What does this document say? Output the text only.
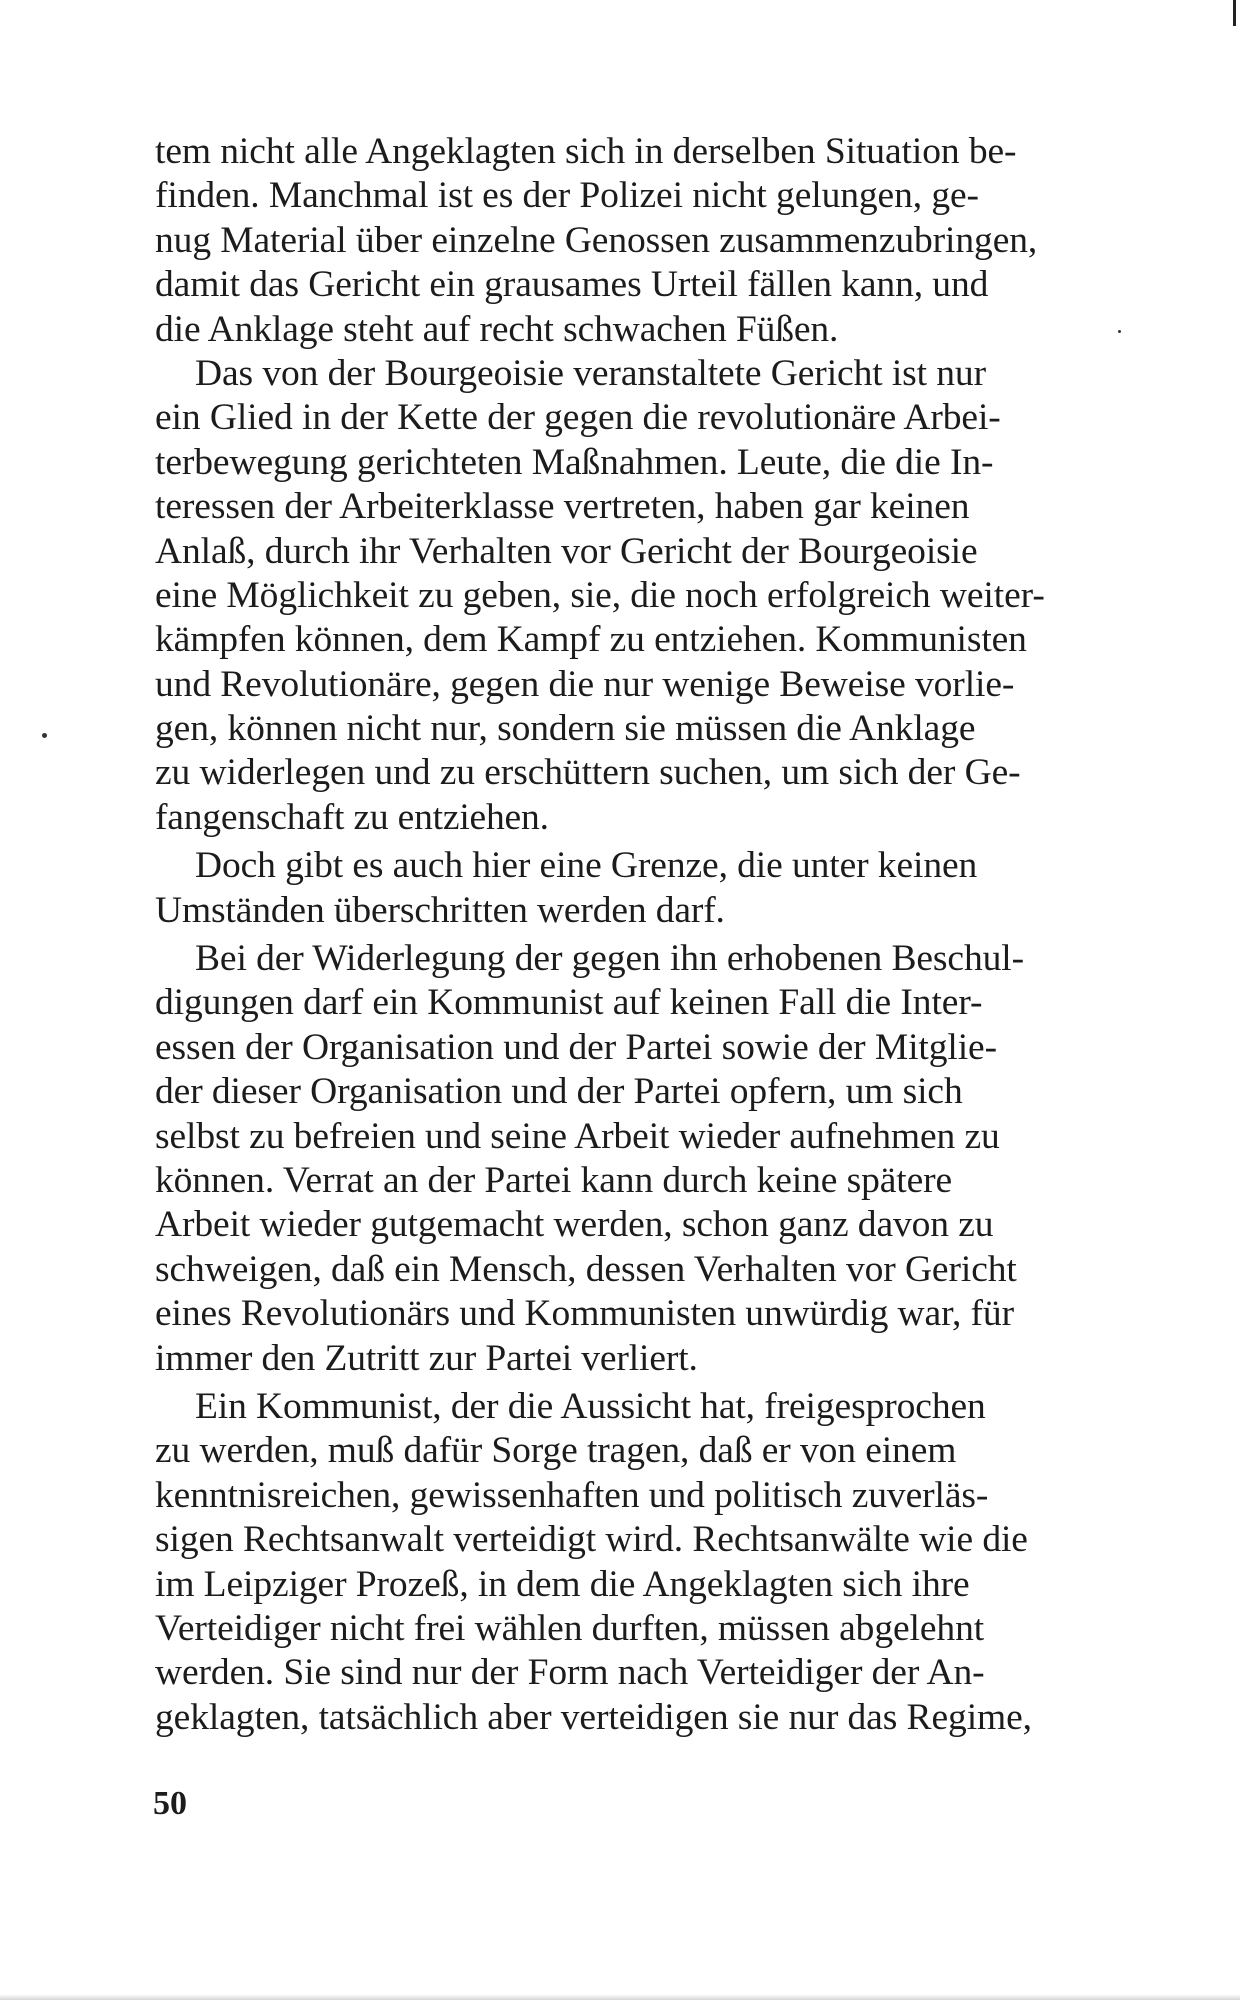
tem nicht alle Angeklagten sich in derselben Situation be-
finden. Manchmal ist es der Polizei nicht gelungen, ge-
nug Material über einzelne Genossen zusammenzubringen,
damit das Gericht ein grausames Urteil fällen kann, und
die Anklage steht auf recht schwachen Füßen.
Das von der Bourgeoisie veranstaltete Gericht ist nur
ein Glied in der Kette der gegen die revolutionäre Arbei-
terbewegung gerichteten Maßnahmen. Leute, die die In-
teressen der Arbeiterklasse vertreten, haben gar keinen
Anlaß, durch ihr Verhalten vor Gericht der Bourgeoisie
eine Möglichkeit zu geben, sie, die noch erfolgreich weiter-
kämpfen können, dem Kampf zu entziehen. Kommunisten
und Revolutionäre, gegen die nur wenige Beweise vorlie-
gen, können nicht nur, sondern sie müssen die Anklage
zu widerlegen und zu erschüttern suchen, um sich der Ge-
fangenschaft zu entziehen.
Doch gibt es auch hier eine Grenze, die unter keinen
Umständen überschritten werden darf.
Bei der Widerlegung der gegen ihn erhobenen Beschul-
digungen darf ein Kommunist auf keinen Fall die Inter-
essen der Organisation und der Partei sowie der Mitglie-
der dieser Organisation und der Partei opfern, um sich
selbst zu befreien und seine Arbeit wieder aufnehmen zu
können. Verrat an der Partei kann durch keine spätere
Arbeit wieder gutgemacht werden, schon ganz davon zu
schweigen, daß ein Mensch, dessen Verhalten vor Gericht
eines Revolutionärs und Kommunisten unwürdig war, für
immer den Zutritt zur Partei verliert.
Ein Kommunist, der die Aussicht hat, freigesprochen
zu werden, muß dafür Sorge tragen, daß er von einem
kenntnisreichen, gewissenhaften und politisch zuverläs-
sigen Rechtsanwalt verteidigt wird. Rechtsanwälte wie die
im Leipziger Prozeß, in dem die Angeklagten sich ihre
Verteidiger nicht frei wählen durften, müssen abgelehnt
werden. Sie sind nur der Form nach Verteidiger der An-
geklagten, tatsächlich aber verteidigen sie nur das Regime,
50
